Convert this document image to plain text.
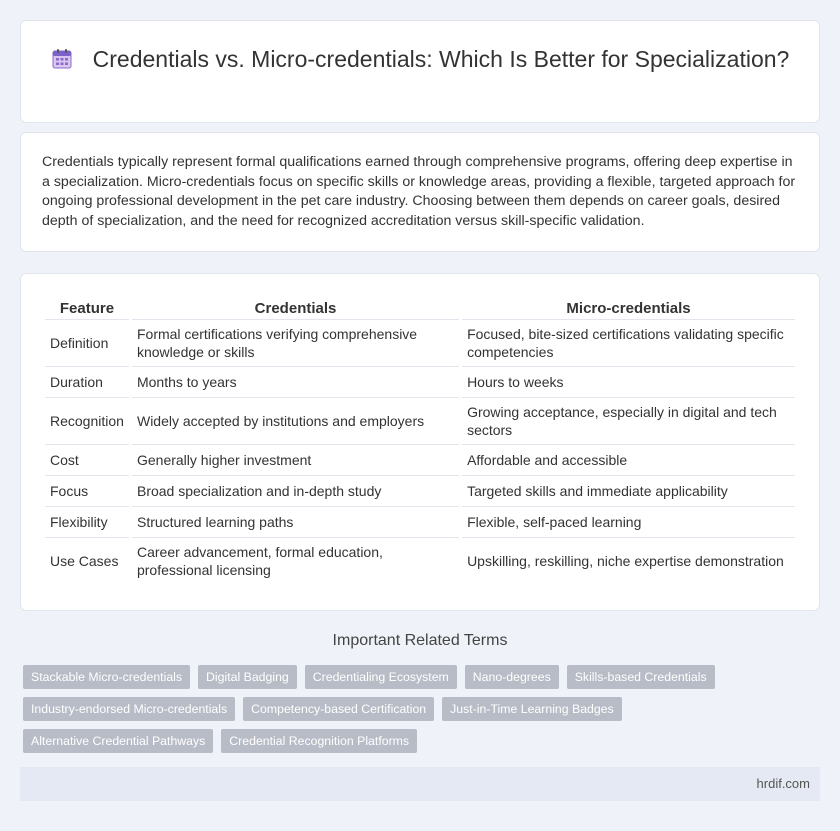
Credentials vs. Micro-credentials: Which Is Better for Specialization?

Credentials typically represent formal qualifications earned through comprehensive programs, offering deep expertise in a specialization. Micro-credentials focus on specific skills or knowledge areas, providing a flexible, targeted approach for ongoing professional development in the pet care industry. Choosing between them depends on career goals, desired depth of specialization, and the need for recognized accreditation versus skill-specific validation.

Feature	Credentials	Micro-credentials
Definition	Formal certifications verifying comprehensive knowledge or skills	Focused, bite-sized certifications validating specific competencies
Duration	Months to years	Hours to weeks
Recognition	Widely accepted by institutions and employers	Growing acceptance, especially in digital and tech sectors
Cost	Generally higher investment	Affordable and accessible
Focus	Broad specialization and in-depth study	Targeted skills and immediate applicability
Flexibility	Structured learning paths	Flexible, self-paced learning
Use Cases	Career advancement, formal education, professional licensing	Upskilling, reskilling, niche expertise demonstration
Important Related Terms
Stackable Micro-credentials	Digital Badging	Credentialing Ecosystem	Nano-degrees	Skills-based Credentials
Industry-endorsed Micro-credentials	Competency-based Certification	Just-in-Time Learning Badges
Alternative Credential Pathways	Credential Recognition Platforms
hrdif.com
